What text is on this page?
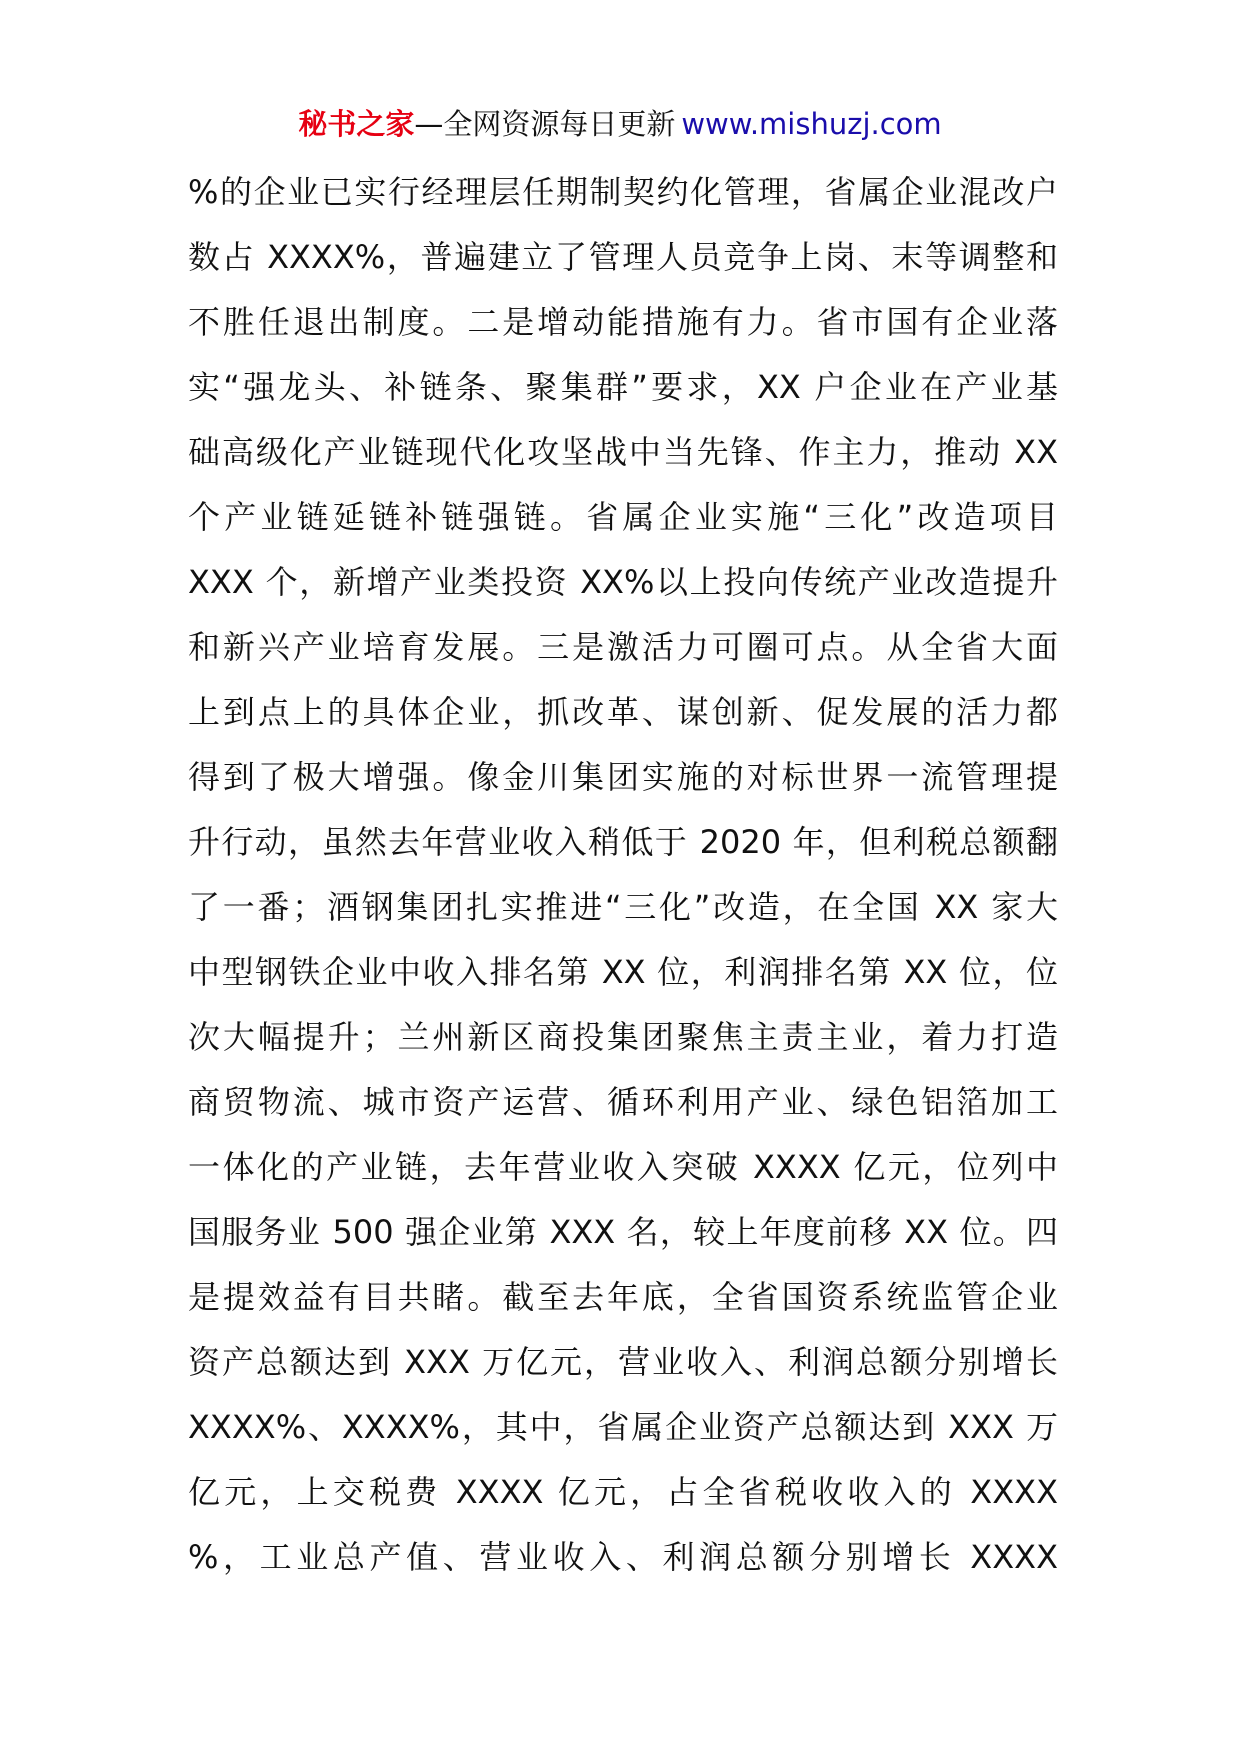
秘书之家—全网资源每日更新 www.mishuzj.com
%的企业已实行经理层任期制契约化管理，省属企业混改户
数占 XXXX%，普遍建立了管理人员竞争上岗、末等调整和
不胜任退出制度。二是增动能措施有力。省市国有企业落
实“强龙头、补链条、聚集群”要求，XX 户企业在产业基
础高级化产业链现代化攻坚战中当先锋、作主力，推动 XX
个产业链延链补链强链。省属企业实施“三化”改造项目
XXX 个，新增产业类投资 XX%以上投向传统产业改造提升
和新兴产业培育发展。三是激活力可圈可点。从全省大面
上到点上的具体企业，抓改革、谋创新、促发展的活力都
得到了极大增强。像金川集团实施的对标世界一流管理提
升行动，虽然去年营业收入稍低于 2020 年，但利税总额翻
了一番；酒钢集团扎实推进“三化”改造，在全国 XX 家大
中型钢铁企业中收入排名第 XX 位，利润排名第 XX 位，位
次大幅提升；兰州新区商投集团聚焦主责主业，着力打造
商贸物流、城市资产运营、循环利用产业、绿色铝箔加工
一体化的产业链，去年营业收入突破 XXXX 亿元，位列中
国服务业 500 强企业第 XXX 名，较上年度前移 XX 位。四
是提效益有目共睹。截至去年底，全省国资系统监管企业
资产总额达到 XXX 万亿元，营业收入、利润总额分别增长
XXXX%、XXXX%，其中，省属企业资产总额达到 XXX 万
亿元，上交税费 XXXX 亿元，占全省税收收入的 XXXX
%，工业总产值、营业收入、利润总额分别增长 XXXX
